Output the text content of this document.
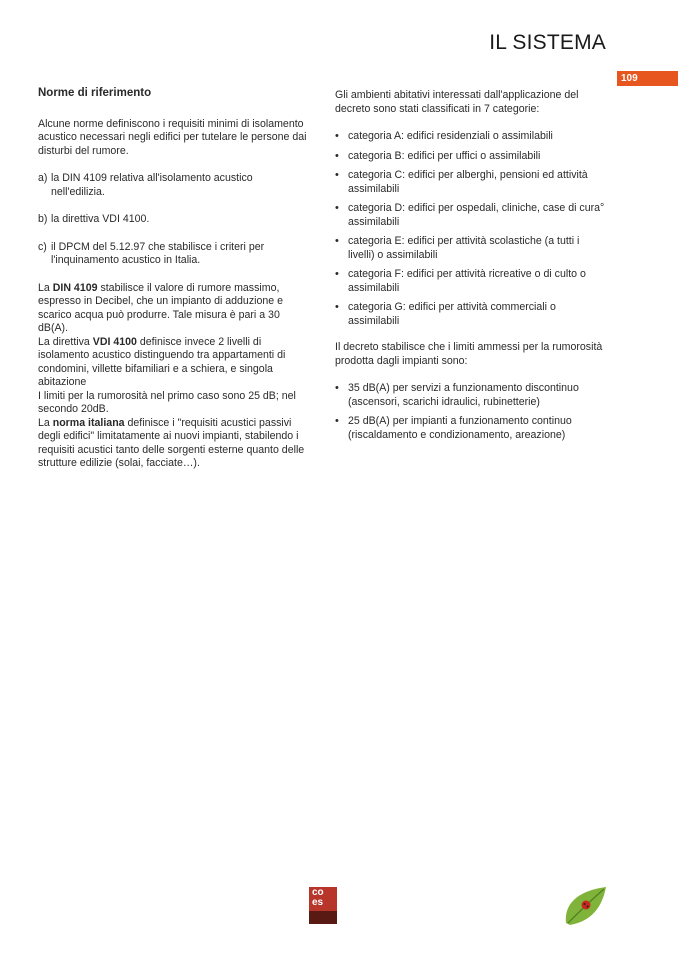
IL SISTEMA
109

Norme di riferimento

Alcune norme definiscono i requisiti minimi di isolamento acustico necessari negli edifici per tutelare le persone dai disturbi del rumore.

a) la DIN 4109 relativa all'isolamento acustico nell'edilizia.
b) la direttiva VDI 4100.
c) il DPCM del 5.12.97 che stabilisce i criteri per l'inquinamento acustico in Italia.

La DIN 4109 stabilisce il valore di rumore massimo, espresso in Decibel, che un impianto di adduzione e scarico acqua può produrre. Tale misura è pari a 30 dB(A).

La direttiva VDI 4100 definisce invece 2 livelli di isolamento acustico distinguendo tra appartamenti di condomini, villette bifamiliari e a schiera, e singola abitazione

I limiti per la rumorosità nel primo caso sono 25 dB; nel secondo 20dB.

La norma italiana definisce i "requisiti acustici passivi degli edifici" limitatamente ai nuovi impianti, stabilendo i requisiti acustici tanto delle sorgenti esterne quanto delle strutture edilizie (solai, facciate…).

Gli ambienti abitativi interessati dall'applicazione del decreto sono stati classificati in 7 categorie:

• categoria A: edifici residenziali o assimilabili
• categoria B: edifici per uffici o assimilabili
• categoria C: edifici per alberghi, pensioni ed attività assimilabili
• categoria D: edifici per ospedali, cliniche, case di cura° assimilabili
• categoria E: edifici per attività scolastiche (a tutti i livelli) o assimilabili
• categoria F: edifici per attività ricreative o di culto o assimilabili
• categoria G: edifici per attività commerciali o assimilabili

Il decreto stabilisce che i limiti ammessi per la rumorosità prodotta dagli impianti sono:

• 35 dB(A) per servizi a funzionamento discontinuo (ascensori, scarichi idraulici, rubinetterie)
• 25 dB(A) per impianti a funzionamento continuo (riscaldamento e condizionamento, areazione)
co
es
